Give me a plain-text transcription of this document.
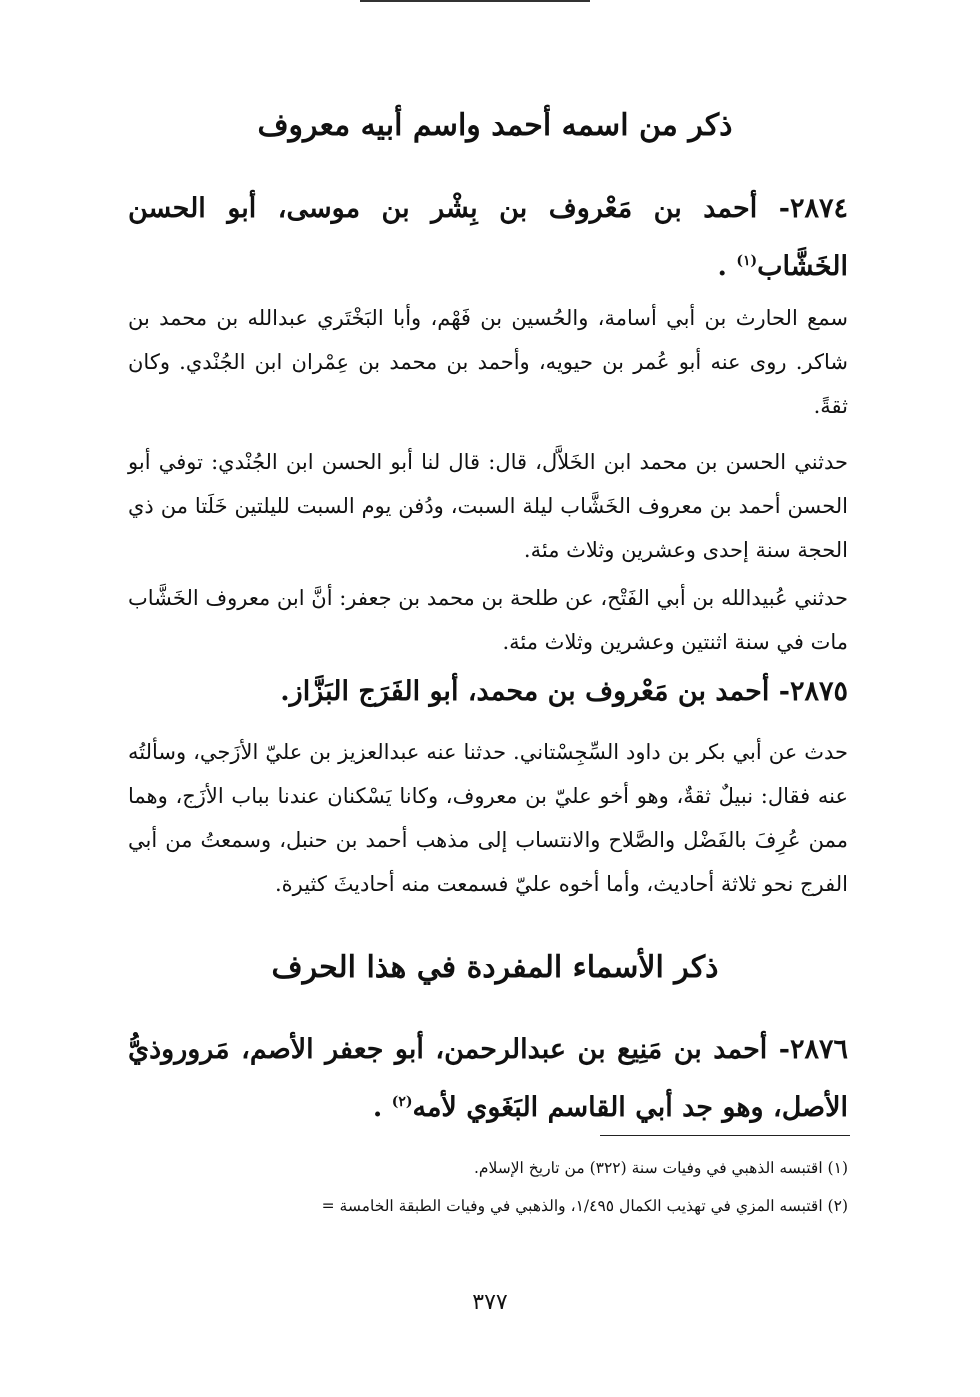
ذكر من اسمه أحمد واسم أبيه معروف
٢٨٧٤- أحمد بن مَعْروف بن بِشْر بن موسى، أبو الحسن الخَشَّاب$^{(١)}$ .

سمع الحارث بن أبي أسامة، والحُسين بن فَهْم، وأبا البَخْتَري عبدالله بن محمد بن شاكر. روى عنه أبو عُمر بن حيويه، وأحمد بن محمد بن عِمْران ابن الجُنْدي. وكان ثقةً.

حدثني الحسن بن محمد ابن الخَلاَّل، قال: قال لنا أبو الحسن ابن الجُنْدي: توفي أبو الحسن أحمد بن معروف الخَشَّاب ليلة السبت، ودُفن يوم السبت لليلتين خَلَتا من ذي الحجة سنة إحدى وعشرين وثلاث مئة.

حدثني عُبيدالله بن أبي الفَتْح، عن طلحة بن محمد بن جعفر: أنَّ ابن معروف الخَشَّاب مات في سنة اثنتين وعشرين وثلاث مئة.

٢٨٧٥- أحمد بن مَعْروف بن محمد، أبو الفَرَج البَزَّاز.

حدث عن أبي بكر بن داود السِّجِسْتاني. حدثنا عنه عبدالعزيز بن عليّ الأزَجي، وسألتُه عنه فقال: نبيلٌ ثقةٌ، وهو أخو عليّ بن معروف، وكانا يَسْكنان عندنا بباب الأزَج، وهما ممن عُرِفَ بالفَضْل والصَّلاح والانتساب إلى مذهب أحمد بن حنبل، وسمعتُ من أبي الفرج نحو ثلاثة أحاديث، وأما أخوه عليّ فسمعت منه أحاديثَ كثيرة.

ذكر الأسماء المفردة في هذا الحرف
٢٨٧٦- أحمد بن مَنِيع بن عبدالرحمن، أبو جعفر الأصم، مَروروذيُّ الأصل، وهو جد أبي القاسم البَغَوي لأمه$^{(٢)}$ .
(١) اقتبسه الذهبي في وفيات سنة (٣٢٢) من تاريخ الإسلام.
(٢) اقتبسه المزي في تهذيب الكمال ١/٤٩٥، والذهبي في وفيات الطبقة الخامسة =
٣٧٧
